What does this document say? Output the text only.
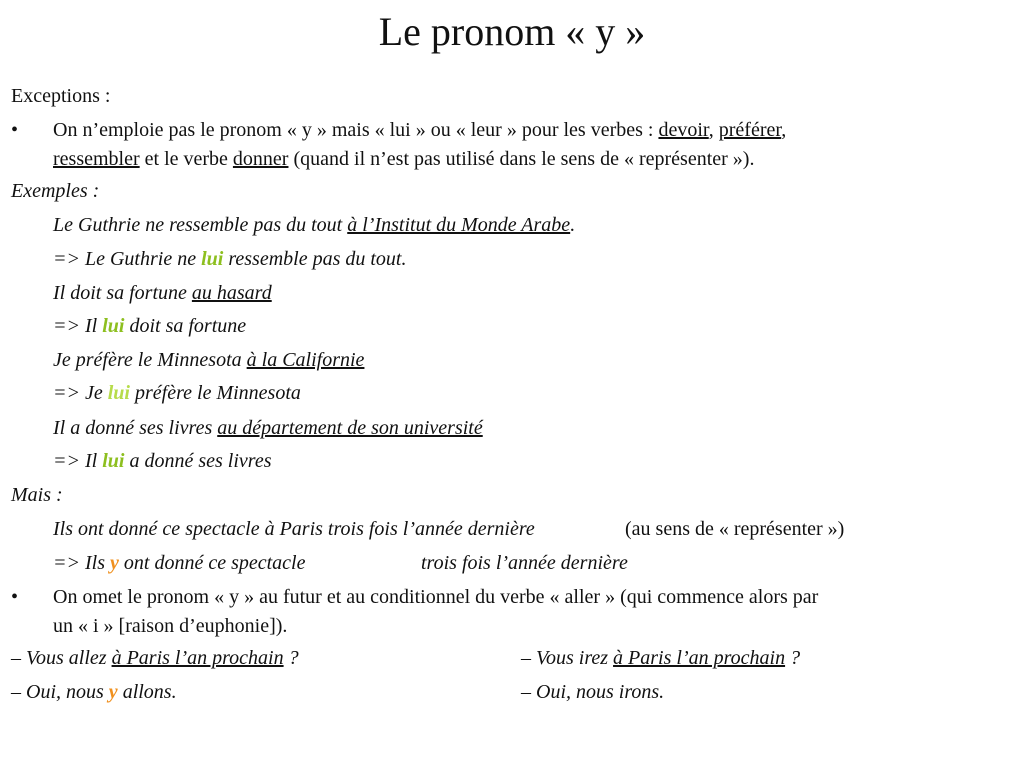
Le pronom « y »
Exceptions :
• On n’emploie pas le pronom « y » mais « lui » ou « leur » pour les verbes : devoir, préférer,
ressembler et le verbe donner (quand il n’est pas utilisé dans le sens de « représenter »).
Exemples :
Le Guthrie ne ressemble pas du tout à l’Institut du Monde Arabe.
=> Le Guthrie ne lui ressemble pas du tout.
Il doit sa fortune au hasard
=> Il lui doit sa fortune
Je préfère le Minnesota à la Californie
=> Je lui préfère le Minnesota
Il a donné ses livres au département de son université
=> Il lui a donné ses livres
Mais :
Ils ont donné ce spectacle à Paris trois fois l’année dernière	(au sens de « représenter »)
=> Ils y ont donné ce spectacle	trois fois l’année dernière
• On omet le pronom « y » au futur et au conditionnel du verbe « aller » (qui commence alors par
un « i » [raison d’euphonie]).
– Vous allez à Paris l’an prochain ?
– Oui, nous y allons.
– Vous irez à Paris l’an prochain ?
– Oui, nous irons.
